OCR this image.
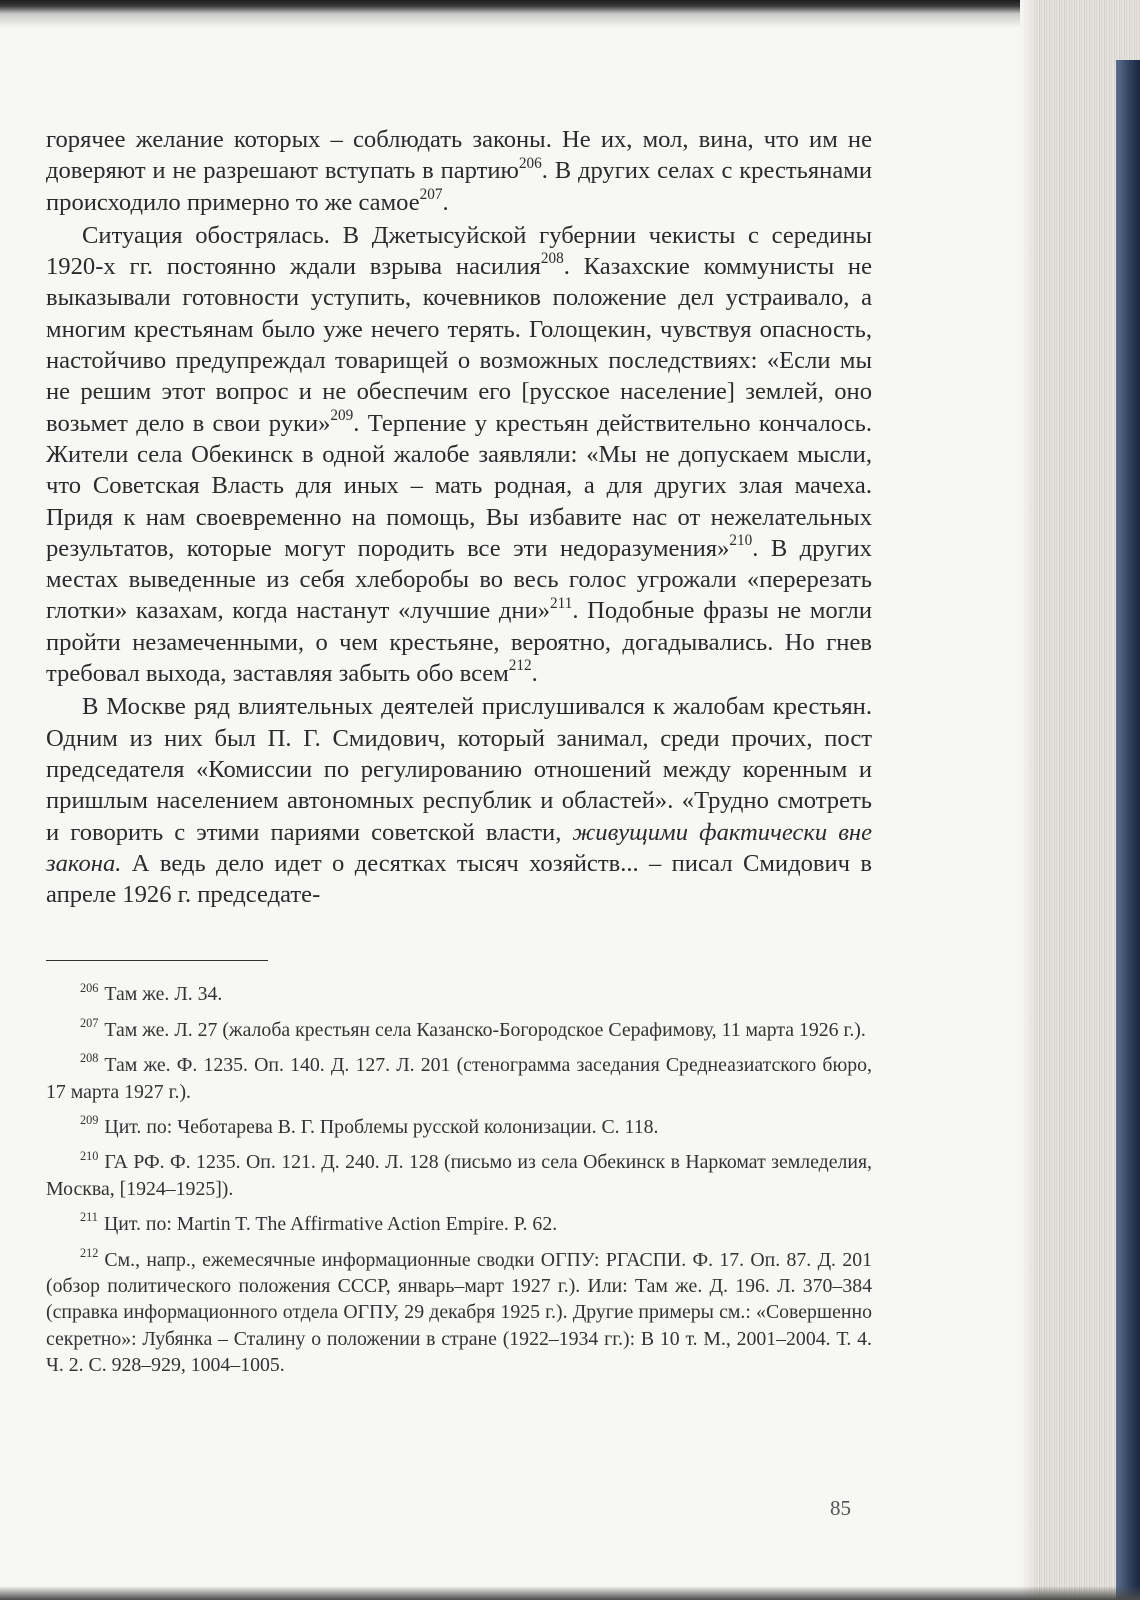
горячее желание которых – соблюдать законы. Не их, мол, вина, что им не доверяют и не разрешают вступать в партию$^{206}$. В других селах с крестьянами происходило примерно то же самое$^{207}$.

Ситуация обострялась. В Джетысуйской губернии чекисты с середины 1920-х гг. постоянно ждали взрыва насилия$^{208}$. Казахские коммунисты не выказывали готовности уступить, кочевников положение дел устраивало, а многим крестьянам было уже нечего терять. Голощекин, чувствуя опасность, настойчиво предупреждал товарищей о возможных последствиях: «Если мы не решим этот вопрос и не обеспечим его [русское население] землей, оно возьмет дело в свои руки»$^{209}$. Терпение у крестьян действительно кончалось. Жители села Обекинск в одной жалобе заявляли: «Мы не допускаем мысли, что Советская Власть для иных – мать родная, а для других злая мачеха. Придя к нам своевременно на помощь, Вы избавите нас от нежелательных результатов, которые могут породить все эти недоразумения»$^{210}$. В других местах выведенные из себя хлеборобы во весь голос угрожали «перерезать глотки» казахам, когда настанут «лучшие дни»$^{211}$. Подобные фразы не могли пройти незамеченными, о чем крестьяне, вероятно, догадывались. Но гнев требовал выхода, заставляя забыть обо всем$^{212}$.

В Москве ряд влиятельных деятелей прислушивался к жалобам крестьян. Одним из них был П. Г. Смидович, который занимал, среди прочих, пост председателя «Комиссии по регулированию отношений между коренным и пришлым населением автономных республик и областей». «Трудно смотреть и говорить с этими париями советской власти, живущими фактически вне закона. А ведь дело идет о десятках тысяч хозяйств... – писал Смидович в апреле 1926 г. председате-

$^{206}$ Там же. Л. 34.

$^{207}$ Там же. Л. 27 (жалоба крестьян села Казанско-Богородское Серафимову, 11 марта 1926 г.).

$^{208}$ Там же. Ф. 1235. Оп. 140. Д. 127. Л. 201 (стенограмма заседания Среднеазиатского бюро, 17 марта 1927 г.).

$^{209}$ Цит. по: Чеботарева В. Г. Проблемы русской колонизации. С. 118.

$^{210}$ ГА РФ. Ф. 1235. Оп. 121. Д. 240. Л. 128 (письмо из села Обекинск в Наркомат земледелия, Москва, [1924–1925]).

$^{211}$ Цит. по: Martin T. The Affirmative Action Empire. P. 62.

$^{212}$ См., напр., ежемесячные информационные сводки ОГПУ: РГАСПИ. Ф. 17. Оп. 87. Д. 201 (обзор политического положения СССР, январь–март 1927 г.). Или: Там же. Д. 196. Л. 370–384 (справка информационного отдела ОГПУ, 29 декабря 1925 г.). Другие примеры см.: «Совершенно секретно»: Лубянка – Сталину о положении в стране (1922–1934 гг.): В 10 т. М., 2001–2004. Т. 4. Ч. 2. С. 928–929, 1004–1005.

85
